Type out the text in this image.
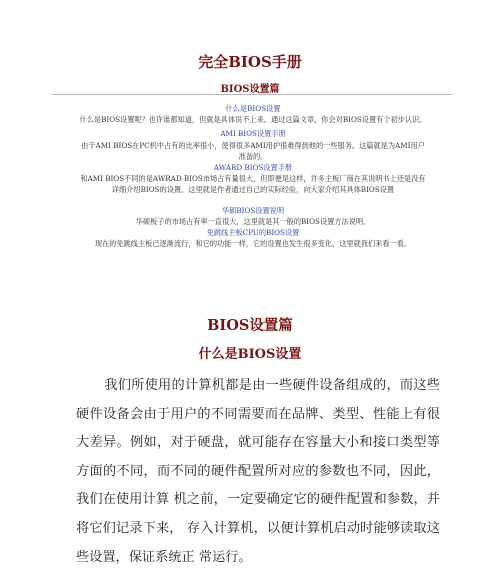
完全BIOS手册
BIOS设置篇
什么是BIOS设置
什么是BIOS设置呢？也许谁都知道，但就是具体说不上来。通过这篇文章，你会对BIOS设置有个初步认识。
AMI BIOS设置手册
由于AMI BIOS在PC机中占有的比率很小，使得很多AMI用护很难得到他的一些服务。这篇就是为AMI用户准备的。
AWARD BIOS设置手册
和AMI BIOS不同的是AWRAD BIOS市场占有量很大，但即便是这样，许多主板厂商在其说明书上还是没有详细介绍BIOS的设置，这里就是作者通过自己的实际经验，向大家介绍其具体BIOS设置
华硕BIOS设置说明
华硕板子的市场占有率一直很大，这里就是其一般的BIOS设置方法说明。
免跳线主板CPU的BIOS设置
现在的免跳线主板已逐渐流行，和它的功能一样，它的设置也发生很多变化，这里就我们来看一看。
BIOS设置篇
什么是BIOS设置

我们所使用的计算机都是由一些硬件设备组成的，而这些硬件设备会由于用户的不同需要而在品牌、类型、性能上有很大差异。例如，对于硬盘，就可能存在容量大小和接口类型等方面的不同，而不同的硬件配置所对应的参数也不同，因此，我们在使用计算 机之前，一定要确定它的硬件配置和参数，并将它们记录下来， 存入计算机，以便计算机启动时能够读取这些设置，保证系统正 常运行。
